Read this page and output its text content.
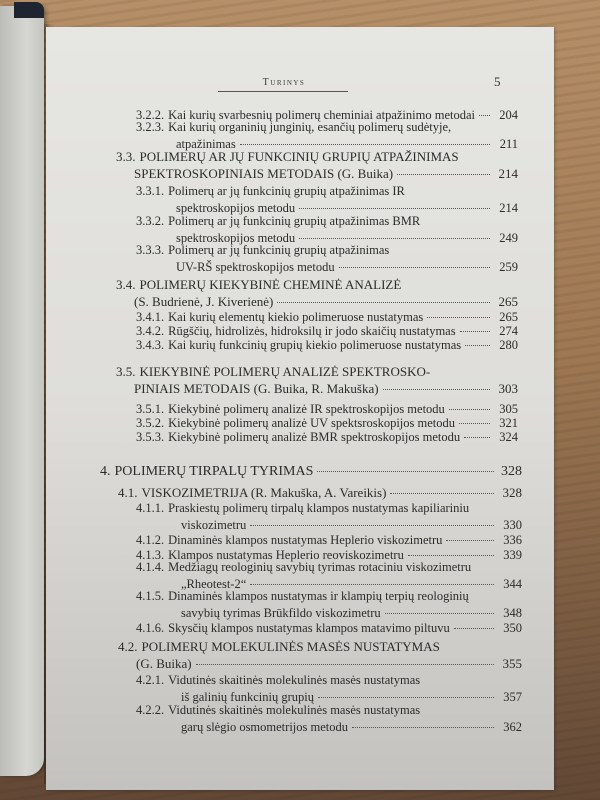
Turinys	5
3.2.2. Kai kurių svarbesnių polimerų cheminiai atpažinimo metodai	204
3.2.3. Kai kurių organinių junginių, esančių polimerų sudėtyje,
atpažinimas	211
3.3. POLIMERŲ AR JŲ FUNKCINIŲ GRUPIŲ ATPAŽINIMAS
SPEKTROSKOPINIAIS METODAIS (G. Buika)	214
3.3.1. Polimerų ar jų funkcinių grupių atpažinimas IR
spektroskopijos metodu	214
3.3.2. Polimerų ar jų funkcinių grupių atpažinimas BMR
spektroskopijos metodu	249
3.3.3. Polimerų ar jų funkcinių grupių atpažinimas
UV-RŠ spektroskopijos metodu	259
3.4. POLIMERŲ KIEKYBINĖ CHEMINĖ ANALIZĖ
(S. Budrienė, J. Kiverienė)	265
3.4.1. Kai kurių elementų kiekio polimeruose nustatymas	265
3.4.2. Rūgščių, hidrolizės, hidroksilų ir jodo skaičių nustatymas	274
3.4.3. Kai kurių funkcinių grupių kiekio polimeruose nustatymas	280
3.5. KIEKYBINĖ POLIMERŲ ANALIZĖ SPEKTROSKO-
PINIAIS METODAIS (G. Buika, R. Makuška)	303
3.5.1. Kiekybinė polimerų analizė IR spektroskopijos metodu	305
3.5.2. Kiekybinė polimerų analizė UV spektsroskopijos metodu	321
3.5.3. Kiekybinė polimerų analizė BMR spektroskopijos metodu	324
4. POLIMERŲ TIRPALŲ TYRIMAS	328
4.1. VISKOZIMETRIJA (R. Makuška, A. Vareikis)	328
4.1.1. Praskiestų polimerų tirpalų klampos nustatymas kapiliariniu
viskozimetru	330
4.1.2. Dinaminės klampos nustatymas Heplerio viskozimetru	336
4.1.3. Klampos nustatymas Heplerio reoviskozimetru	339
4.1.4. Medžiagų reologinių savybių tyrimas rotaciniu viskozimetru
„Rheotest-2“	344
4.1.5. Dinaminės klampos nustatymas ir klampių terpių reologinių
savybių tyrimas Brūkfildo viskozimetru	348
4.1.6. Skysčių klampos nustatymas klampos matavimo piltuvu	350
4.2. POLIMERŲ MOLEKULINĖS MASĖS NUSTATYMAS
(G. Buika)	355
4.2.1. Vidutinės skaitinės molekulinės masės nustatymas
iš galinių funkcinių grupių	357
4.2.2. Vidutinės skaitinės molekulinės masės nustatymas
garų slėgio osmometrijos metodu	362
